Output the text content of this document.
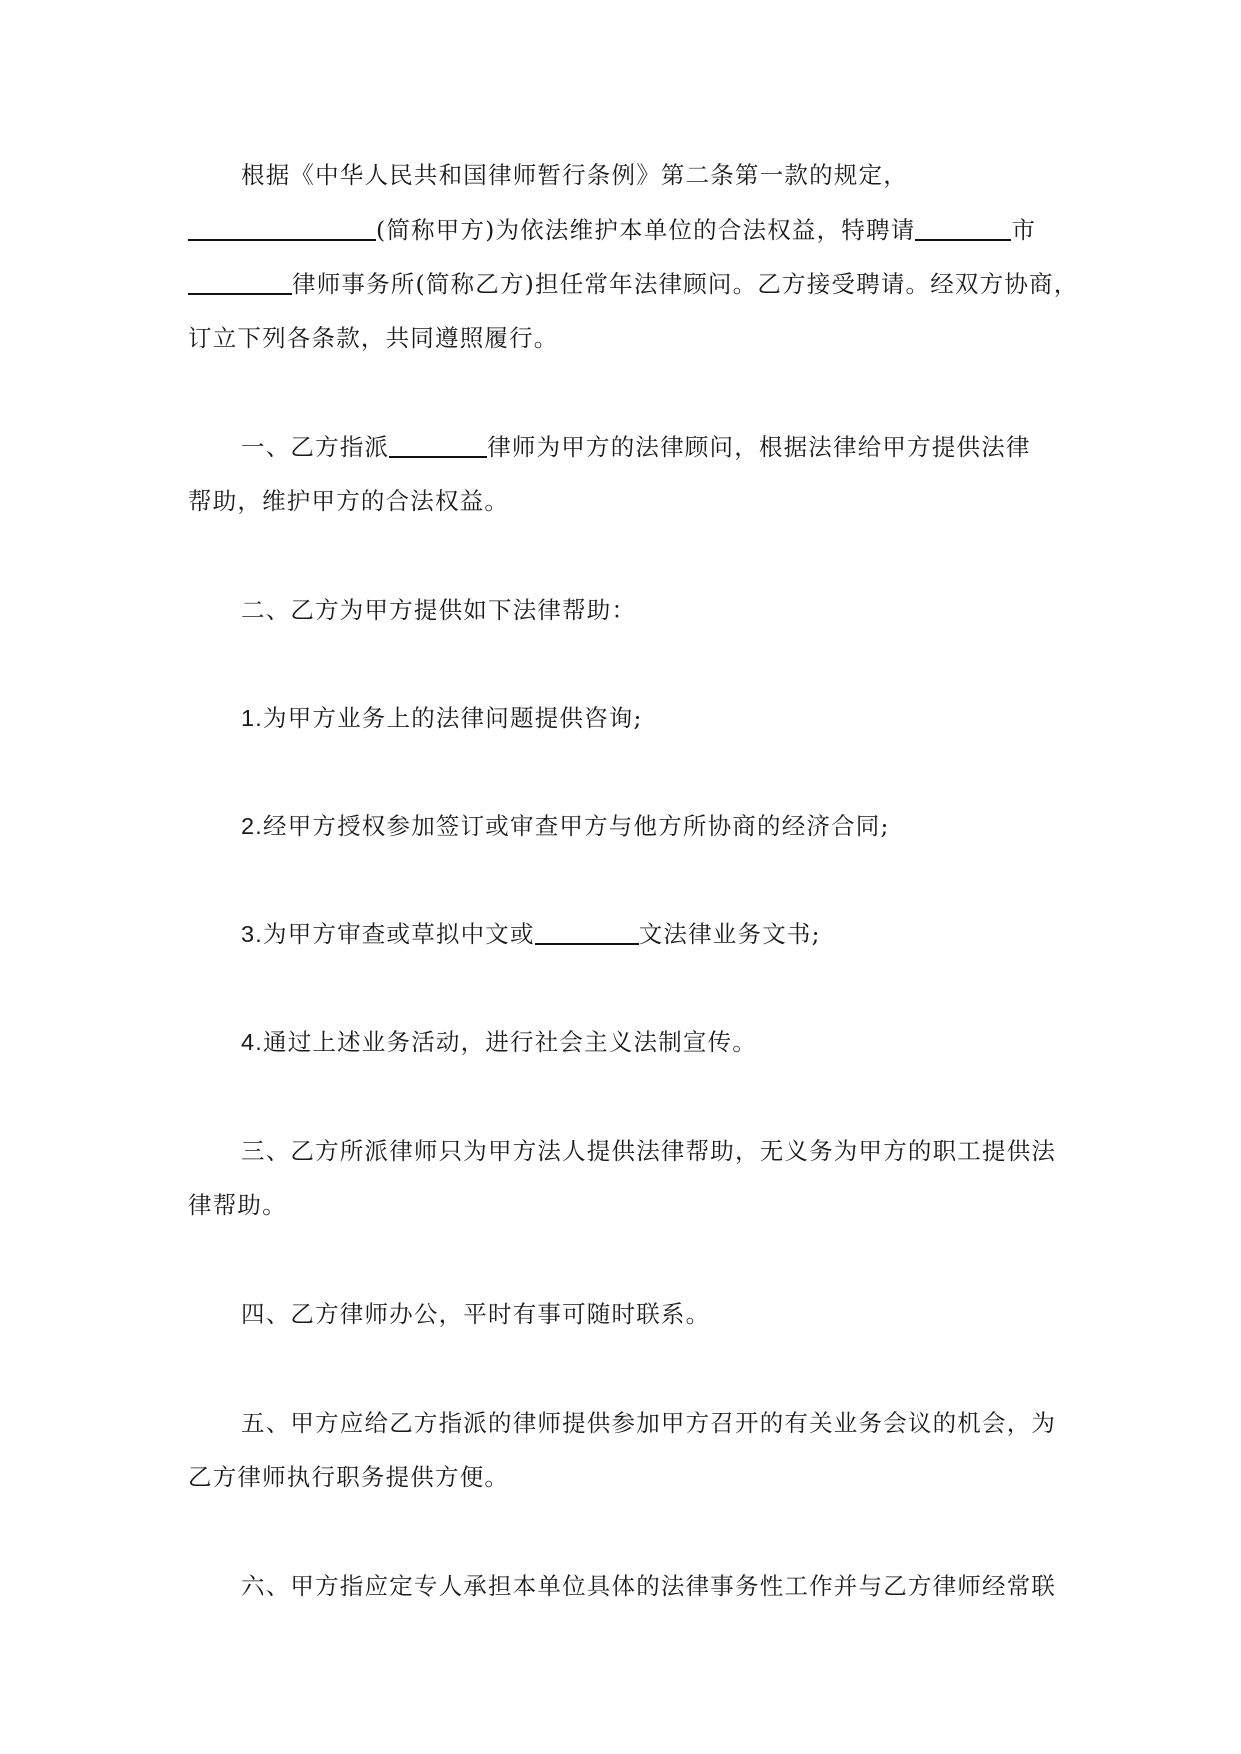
根据《中华人民共和国律师暂行条例》第二条第一款的规定，
(简称甲方)为依法维护本单位的合法权益，特聘请	市
律师事务所(简称乙方)担任常年法律顾问。乙方接受聘请。经双方协商，
订立下列各条款，共同遵照履行。
一、乙方指派	律师为甲方的法律顾问，根据法律给甲方提供法律
帮助，维护甲方的合法权益。
二、乙方为甲方提供如下法律帮助：
1.为甲方业务上的法律问题提供咨询;
2.经甲方授权参加签订或审查甲方与他方所协商的经济合同;
3.为甲方审查或草拟中文或	文法律业务文书;
4.通过上述业务活动，进行社会主义法制宣传。
三、乙方所派律师只为甲方法人提供法律帮助，无义务为甲方的职工提供法
律帮助。
四、乙方律师办公，平时有事可随时联系。
五、甲方应给乙方指派的律师提供参加甲方召开的有关业务会议的机会，为
乙方律师执行职务提供方便。
六、甲方指应定专人承担本单位具体的法律事务性工作并与乙方律师经常联
